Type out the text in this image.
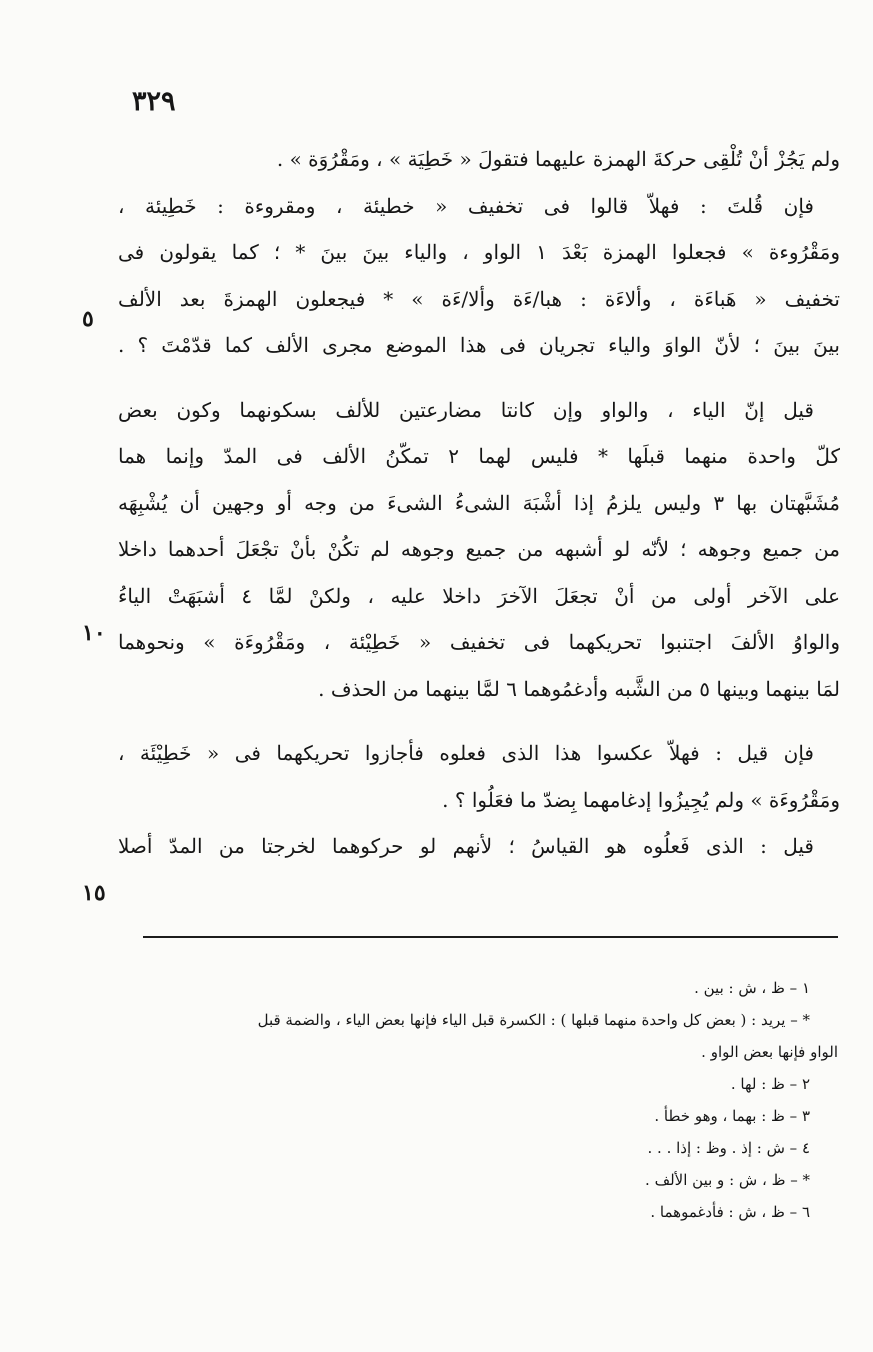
٣٢٩
ولم يَجُزْ أنْ تُلْقِى حركةَ الهمزة عليهما فتقولَ « خَطِيَة » ، ومَقْرُوَة » .
فإن قُلتَ : فهلاّ قالوا فى تخفيف « خطيئة ، ومقروءة : خَطِيئة ،
ومَقْرُوءة » فجعلوا الهمزة بَعْدَ ١ الواو ، والياء بينَ بينَ * ؛ كما يقولون فى
تخفيف « هَباءَة ، وألاءَة : هبا/ءَة وألا/ءَة » * فيجعلون الهمزةَ بعد الألف
بينَ بينَ ؛ لأنّ الواوَ والياء تجريان فى هذا الموضع مجرى الألف كما قدّمْتَ ؟ .
قيل إنّ الياء ، والواو وإن كانتا مضارعتين للألف بسكونهما وكون بعض
كلّ واحدة منهما قبلَها * فليس لهما ٢ تمكّنُ الألف فى المدّ وإنما هما
مُشَبَّهتان بها ٣ وليس يلزمُ إذا أشْبَهَ الشىءُ الشىءَ من وجه أو وجهين أن يُشْبِهَه
من جميع وجوهه ؛ لأنّه لو أشبهه من جميع وجوهه لم تكُنْ بأنْ تجْعَلَ أحدهما داخلا
على الآخر أولى من أنْ تجعَلَ الآخرَ داخلا عليه ، ولكنْ لمَّا ٤ أشبَهَتْ الياءُ
والواوُ الألفَ اجتنبوا تحريكهما فى تخفيف « خَطِيْئة ، ومَقْرُوءَة » ونحوهما
لمَا بينهما وبينها ٥ من الشَّبه وأدغمُوهما ٦ لمَّا بينهما من الحذف .
فإن قيل : فهلاّ عكسوا هذا الذى فعلوه فأجازوا تحريكهما فى « خَطِيْئَة ،
ومَقْرُوءَة » ولم يُجِيزُوا إدغامهما بِضدّ ما فعَلُوا ؟ .
قيل : الذى فَعلُوه هو القياسُ ؛ لأنهم لو حركوهما لخرجتا من المدّ أصلا
٥
١٠
١٥
١ – ظ ، ش : بين .
* – يريد : ( بعض كل واحدة منهما قبلها ) : الكسرة قبل الياء فإنها بعض الياء ، والضمة قبل
الواو فإنها بعض الواو .
٢ – ظ : لها .
٣ – ظ : بهما ، وهو خطأ .
٤ – ش : إذ . وظ : إذا . . .
* – ظ ، ش : و بين الألف .
٦ – ظ ، ش : فأدغموهما .
